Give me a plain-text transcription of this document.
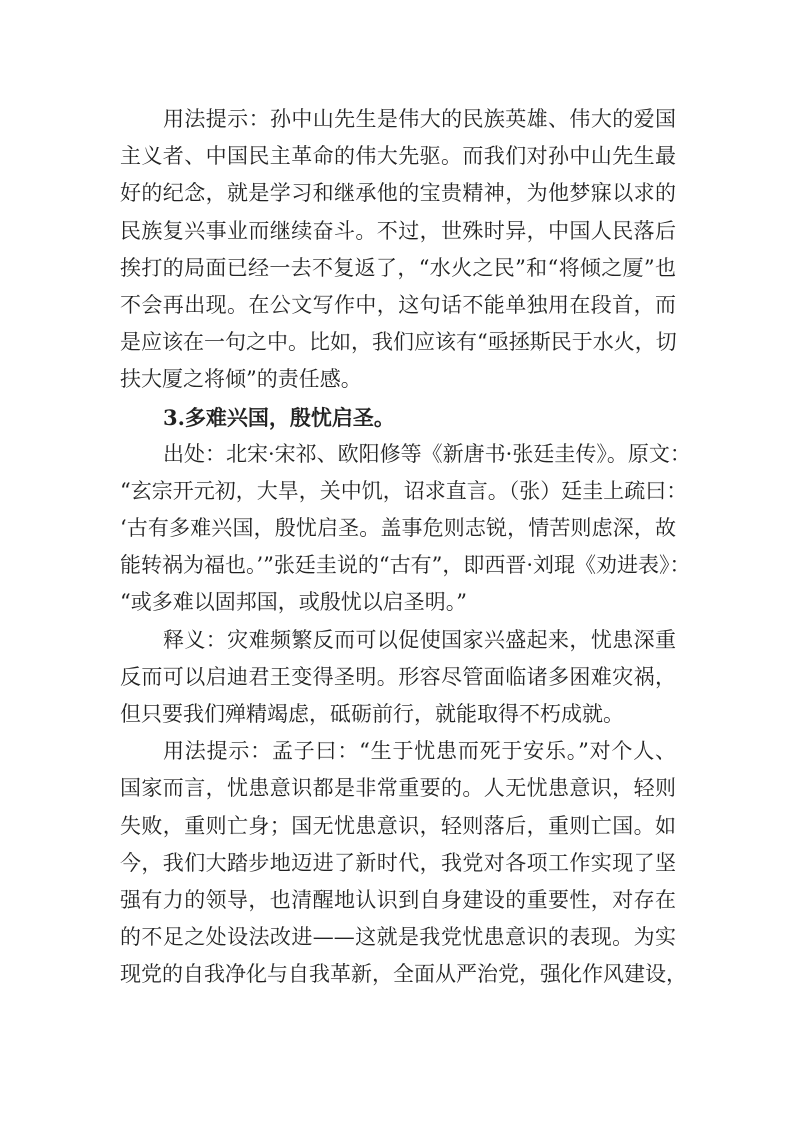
用法提示：孙中山先生是伟大的民族英雄、伟大的爱国
主义者、中国民主革命的伟大先驱。而我们对孙中山先生最
好的纪念，就是学习和继承他的宝贵精神，为他梦寐以求的
民族复兴事业而继续奋斗。不过，世殊时异，中国人民落后
挨打的局面已经一去不复返了，“水火之民”和“将倾之厦”也
不会再出现。在公文写作中，这句话不能单独用在段首，而
是应该在一句之中。比如，我们应该有“亟拯斯民于水火，切
扶大厦之将倾”的责任感。
3.多难兴国，殷忧启圣。
出处：北宋·宋祁、欧阳修等《新唐书·张廷圭传》。原文：
“玄宗开元初，大旱，关中饥，诏求直言。（张）廷圭上疏曰：
‘古有多难兴国，殷忧启圣。盖事危则志锐，情苦则虑深，故
能转祸为福也。’”张廷圭说的“古有”，即西晋·刘琨《劝进表》：
“或多难以固邦国，或殷忧以启圣明。”
释义：灾难频繁反而可以促使国家兴盛起来，忧患深重
反而可以启迪君王变得圣明。形容尽管面临诸多困难灾祸，
但只要我们殚精竭虑，砥砺前行，就能取得不朽成就。
用法提示：孟子曰：“生于忧患而死于安乐。”对个人、
国家而言，忧患意识都是非常重要的。人无忧患意识，轻则
失败，重则亡身；国无忧患意识，轻则落后，重则亡国。如
今，我们大踏步地迈进了新时代，我党对各项工作实现了坚
强有力的领导，也清醒地认识到自身建设的重要性，对存在
的不足之处设法改进——这就是我党忧患意识的表现。为实
现党的自我净化与自我革新，全面从严治党，强化作风建设，
